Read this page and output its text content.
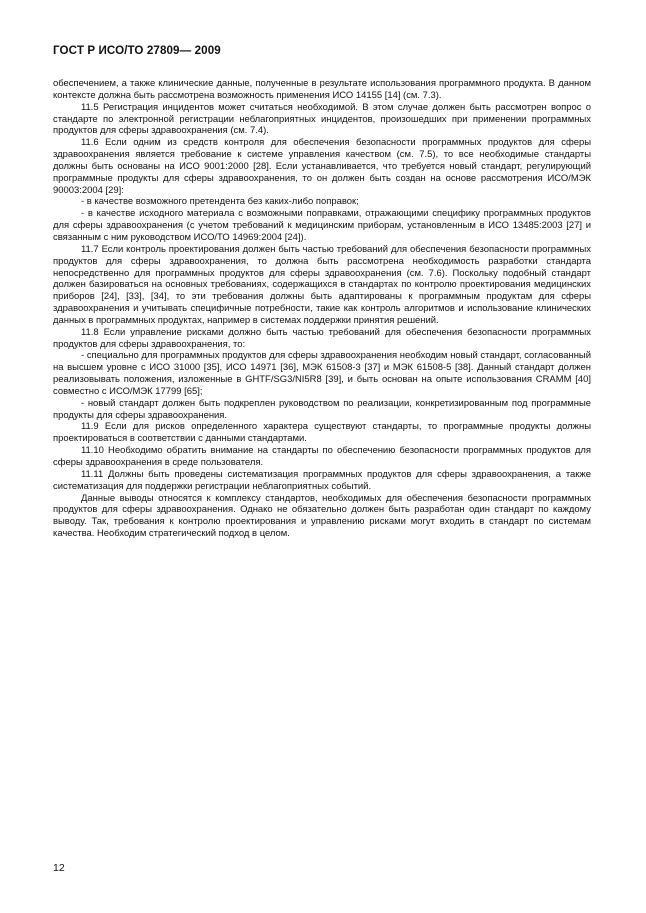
ГОСТ Р ИСО/ТО 27809— 2009

обеспечением, а также клинические данные, полученные в результате использования программного продукта. В данном контексте должна быть рассмотрена возможность применения ИСО 14155 [14] (см. 7.3).

11.5 Регистрация инцидентов может считаться необходимой. В этом случае должен быть рассмотрен вопрос о стандарте по электронной регистрации неблагоприятных инцидентов, произошедших при применении программных продуктов для сферы здравоохранения (см. 7.4).

11.6 Если одним из средств контроля для обеспечения безопасности программных продуктов для сферы здравоохранения является требование к системе управления качеством (см. 7.5), то все необходимые стандарты должны быть основаны на ИСО 9001:2000 [28]. Если устанавливается, что требуется новый стандарт, регулирующий программные продукты для сферы здравоохранения, то он должен быть создан на основе рассмотрения ИСО/МЭК 90003:2004 [29]:

- в качестве возможного претендента без каких-либо поправок;

- в качестве исходного материала с возможными поправками, отражающими специфику программных продуктов для сферы здравоохранения (с учетом требований к медицинским приборам, установленным в ИСО 13485:2003 [27] и связанным с ним руководством ИСО/ТО 14969:2004 [24]).

11.7 Если контроль проектирования должен быть частью требований для обеспечения безопасности программных продуктов для сферы здравоохранения, то должна быть рассмотрена необходимость разработки стандарта непосредственно для программных продуктов для сферы здравоохранения (см. 7.6). Поскольку подобный стандарт должен базироваться на основных требованиях, содержащихся в стандартах по контролю проектирования медицинских приборов [24], [33], [34], то эти требования должны быть адаптированы к программным продуктам для сферы здравоохранения и учитывать специфичные потребности, такие как контроль алгоритмов и использование клинических данных в программных продуктах, например в системах поддержки принятия решений.

11.8 Если управление рисками должно быть частью требований для обеспечения безопасности программных продуктов для сферы здравоохранения, то:

- специально для программных продуктов для сферы здравоохранения необходим новый стандарт, согласованный на высшем уровне с ИСО 31000 [35], ИСО 14971 [36], МЭК 61508-3 [37] и МЭК 61508-5 [38]. Данный стандарт должен реализовывать положения, изложенные в GHTF/SG3/NI5R8 [39], и быть основан на опыте использования CRAMM [40] совместно с ИСО/МЭК 17799 [65];

- новый стандарт должен быть подкреплен руководством по реализации, конкретизированным под программные продукты для сферы здравоохранения.

11.9 Если для рисков определенного характера существуют стандарты, то программные продукты должны проектироваться в соответствии с данными стандартами.

11.10 Необходимо обратить внимание на стандарты по обеспечению безопасности программных продуктов для сферы здравоохранения в среде пользователя.

11.11 Должны быть проведены систематизация программных продуктов для сферы здравоохранения, а также систематизация для поддержки регистрации неблагоприятных событий.

Данные выводы относятся к комплексу стандартов, необходимых для обеспечения безопасности программных продуктов для сферы здравоохранения. Однако не обязательно должен быть разработан один стандарт по каждому выводу. Так, требования к контролю проектирования и управлению рисками могут входить в стандарт по системам качества. Необходим стратегический подход в целом.

12
